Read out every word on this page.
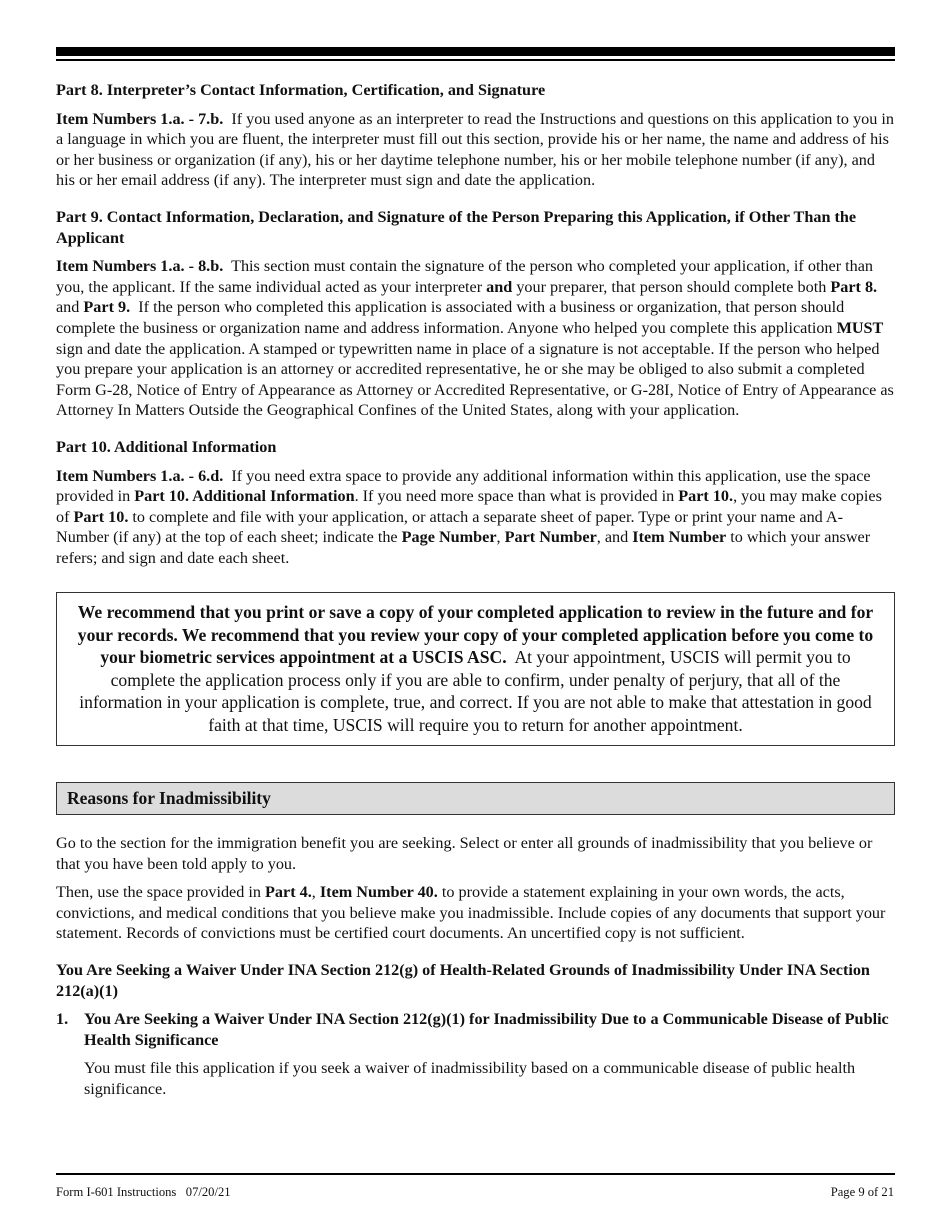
Part 8. Interpreter’s Contact Information, Certification, and Signature

Item Numbers 1.a. - 7.b. If you used anyone as an interpreter to read the Instructions and questions on this application to you in a language in which you are fluent, the interpreter must fill out this section, provide his or her name, the name and address of his or her business or organization (if any), his or her daytime telephone number, his or her mobile telephone number (if any), and his or her email address (if any). The interpreter must sign and date the application.

Part 9. Contact Information, Declaration, and Signature of the Person Preparing this Application, if Other Than the Applicant

Item Numbers 1.a. - 8.b. This section must contain the signature of the person who completed your application, if other than you, the applicant. If the same individual acted as your interpreter and your preparer, that person should complete both Part 8. and Part 9. If the person who completed this application is associated with a business or organization, that person should complete the business or organization name and address information. Anyone who helped you complete this application MUST sign and date the application. A stamped or typewritten name in place of a signature is not acceptable. If the person who helped you prepare your application is an attorney or accredited representative, he or she may be obliged to also submit a completed Form G-28, Notice of Entry of Appearance as Attorney or Accredited Representative, or G-28I, Notice of Entry of Appearance as Attorney In Matters Outside the Geographical Confines of the United States, along with your application.

Part 10. Additional Information

Item Numbers 1.a. - 6.d. If you need extra space to provide any additional information within this application, use the space provided in Part 10. Additional Information. If you need more space than what is provided in Part 10., you may make copies of Part 10. to complete and file with your application, or attach a separate sheet of paper. Type or print your name and A-Number (if any) at the top of each sheet; indicate the Page Number, Part Number, and Item Number to which your answer refers; and sign and date each sheet.

We recommend that you print or save a copy of your completed application to review in the future and for your records. We recommend that you review your copy of your completed application before you come to your biometric services appointment at a USCIS ASC. At your appointment, USCIS will permit you to complete the application process only if you are able to confirm, under penalty of perjury, that all of the information in your application is complete, true, and correct. If you are not able to make that attestation in good faith at that time, USCIS will require you to return for another appointment.
Reasons for Inadmissibility

Go to the section for the immigration benefit you are seeking. Select or enter all grounds of inadmissibility that you believe or that you have been told apply to you.

Then, use the space provided in Part 4., Item Number 40. to provide a statement explaining in your own words, the acts, convictions, and medical conditions that you believe make you inadmissible. Include copies of any documents that support your statement. Records of convictions must be certified court documents. An uncertified copy is not sufficient.

You Are Seeking a Waiver Under INA Section 212(g) of Health-Related Grounds of Inadmissibility Under INA Section 212(a)(1)
1. You Are Seeking a Waiver Under INA Section 212(g)(1) for Inadmissibility Due to a Communicable Disease of Public Health Significance

You must file this application if you seek a waiver of inadmissibility based on a communicable disease of public health significance.

Form I-601 Instructions   07/20/21	Page 9 of 21
